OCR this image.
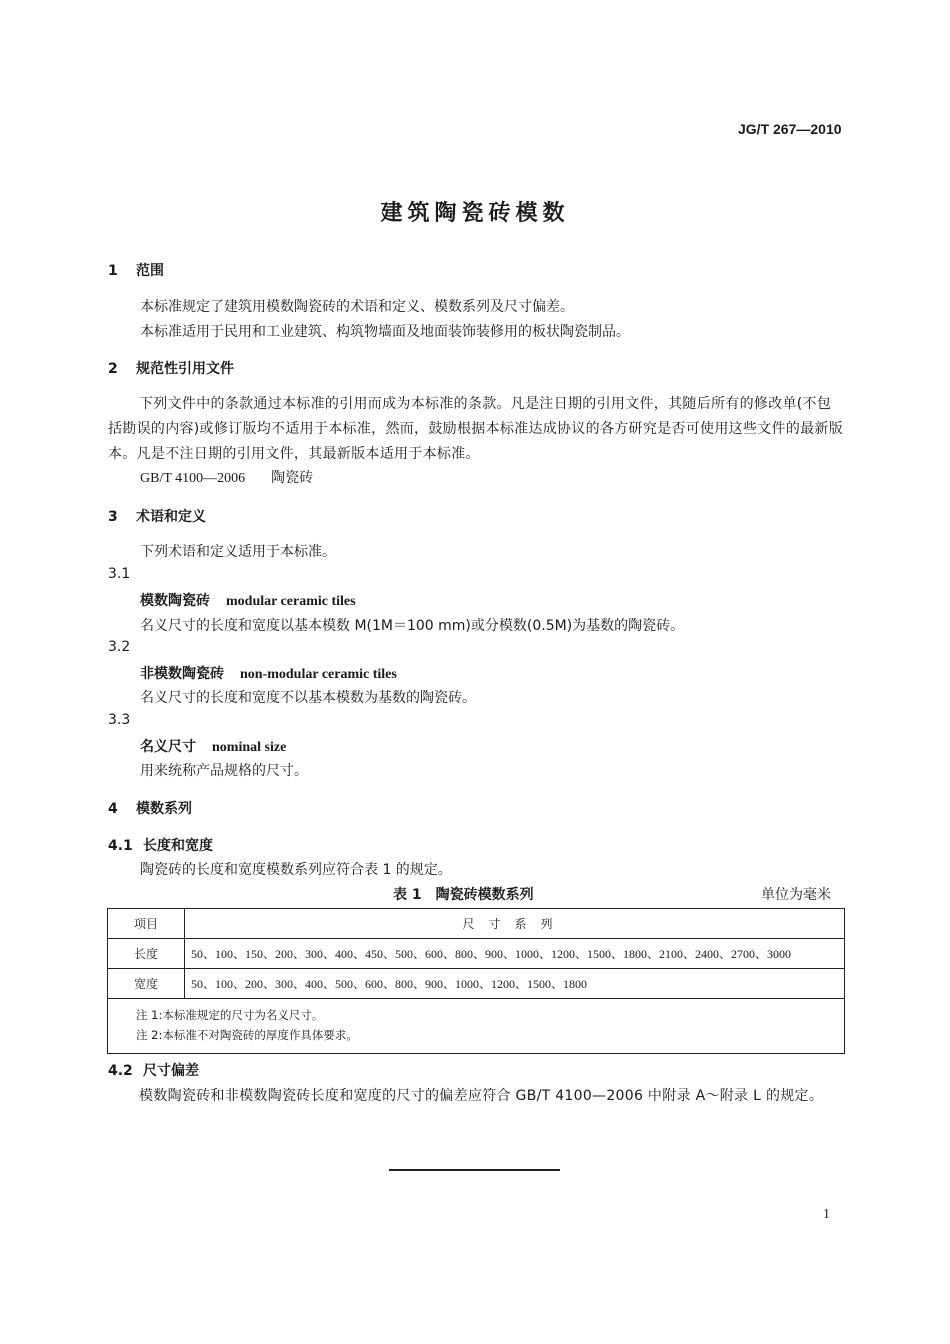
JG/T 267—2010
建筑陶瓷砖模数
1 范围
本标准规定了建筑用模数陶瓷砖的术语和定义、模数系列及尺寸偏差。
本标准适用于民用和工业建筑、构筑物墙面及地面装饰装修用的板状陶瓷制品。
2 规范性引用文件
下列文件中的条款通过本标准的引用而成为本标准的条款。凡是注日期的引用文件，其随后所有的修改单(不包括勘误的内容)或修订版均不适用于本标准，然而，鼓励根据本标准达成协议的各方研究是否可使用这些文件的最新版本。凡是不注日期的引用文件，其最新版本适用于本标准。
GB/T 4100—2006 陶瓷砖
3 术语和定义
下列术语和定义适用于本标准。
3.1
模数陶瓷砖 modular ceramic tiles
名义尺寸的长度和宽度以基本模数 M(1M＝100 mm)或分模数(0.5M)为基数的陶瓷砖。
3.2
非模数陶瓷砖 non-modular ceramic tiles
名义尺寸的长度和宽度不以基本模数为基数的陶瓷砖。
3.3
名义尺寸 nominal size
用来统称产品规格的尺寸。
4 模数系列
4.1 长度和宽度
陶瓷砖的长度和宽度模数系列应符合表 1 的规定。
表 1　陶瓷砖模数系列	单位为毫米
项目	尺寸系列
长度	50、100、150、200、300、400、450、500、600、800、900、1000、1200、1500、1800、2100、2400、2700、3000
宽度	50、100、200、300、400、500、600、800、900、1000、1200、1500、1800

注 1:本标准规定的尺寸为名义尺寸。
注 2:本标准不对陶瓷砖的厚度作具体要求。	
4.2 尺寸偏差
模数陶瓷砖和非模数陶瓷砖长度和宽度的尺寸的偏差应符合 GB/T 4100—2006 中附录 A～附录 L 的规定。
1
